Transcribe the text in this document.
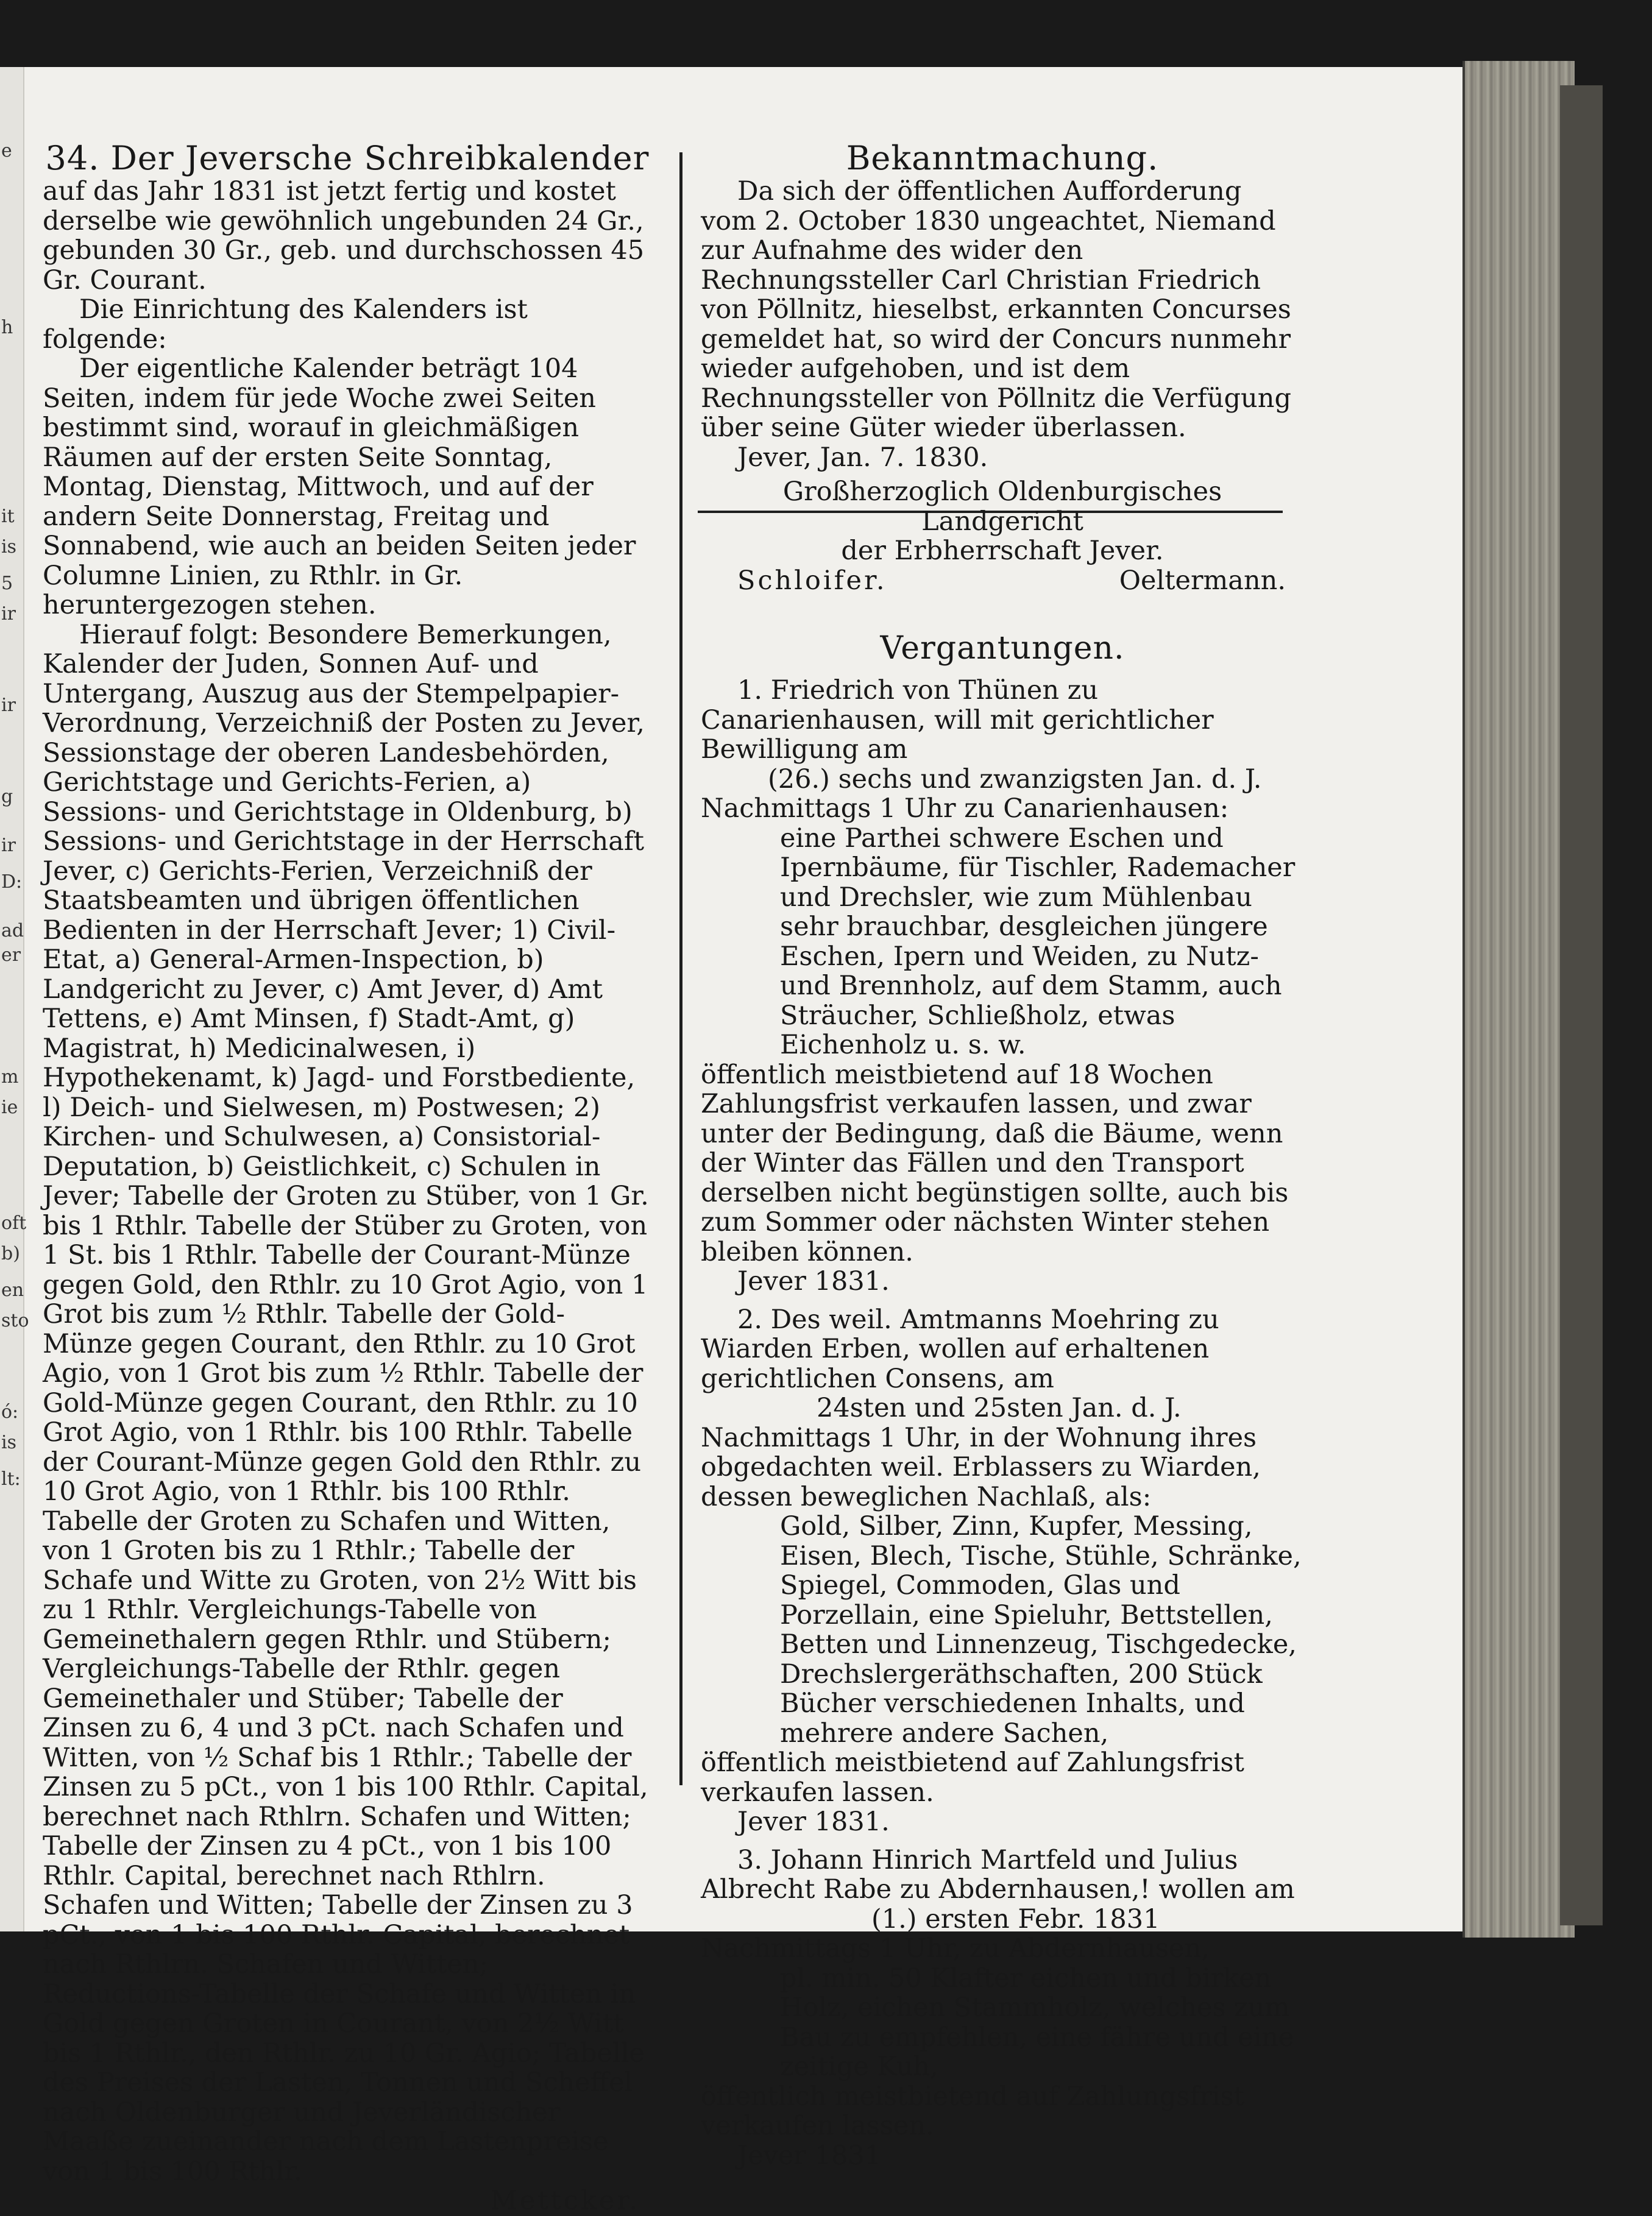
e
h
it
is
5
ir
ir
g
ir
D:
ad
er
m
ie
oft
b)
en
sto
ó:
is
lt:

34. Der Jeversche Schreibkalender

auf das Jahr 1831 ist jetzt fertig und kostet derselbe wie gewöhnlich ungebunden 24 Gr., gebunden 30 Gr., geb. und durchschossen 45 Gr. Courant.

Die Einrichtung des Kalenders ist folgende:

Der eigentliche Kalender beträgt 104 Seiten, indem für jede Woche zwei Seiten bestimmt sind, worauf in gleichmäßigen Räumen auf der ersten Seite Sonntag, Montag, Dienstag, Mittwoch, und auf der andern Seite Donnerstag, Freitag und Sonnabend, wie auch an beiden Seiten jeder Columne Linien, zu Rthlr. in Gr. heruntergezogen stehen.

Hierauf folgt: Besondere Bemerkungen, Kalender der Juden, Sonnen Auf- und Untergang, Auszug aus der Stempelpapier-Verordnung, Verzeichniß der Posten zu Jever, Sessionstage der oberen Landesbehörden, Gerichtstage und Gerichts-Ferien, a) Sessions- und Gerichtstage in Oldenburg, b) Sessions- und Gerichtstage in der Herrschaft Jever, c) Gerichts-Ferien, Verzeichniß der Staatsbeamten und übrigen öffentlichen Bedienten in der Herrschaft Jever; 1) Civil-Etat, a) General-Armen-Inspection, b) Landgericht zu Jever, c) Amt Jever, d) Amt Tettens, e) Amt Minsen, f) Stadt-Amt, g) Magistrat, h) Medicinalwesen, i) Hypothekenamt, k) Jagd- und Forstbediente, l) Deich- und Sielwesen, m) Postwesen; 2) Kirchen- und Schulwesen, a) Consistorial-Deputation, b) Geistlichkeit, c) Schulen in Jever; Tabelle der Groten zu Stüber, von 1 Gr. bis 1 Rthlr. Tabelle der Stüber zu Groten, von 1 St. bis 1 Rthlr. Tabelle der Courant-Münze gegen Gold, den Rthlr. zu 10 Grot Agio, von 1 Grot bis zum ½ Rthlr. Tabelle der Gold-Münze gegen Courant, den Rthlr. zu 10 Grot Agio, von 1 Grot bis zum ½ Rthlr. Tabelle der Gold-Münze gegen Courant, den Rthlr. zu 10 Grot Agio, von 1 Rthlr. bis 100 Rthlr. Tabelle der Courant-Münze gegen Gold den Rthlr. zu 10 Grot Agio, von 1 Rthlr. bis 100 Rthlr. Tabelle der Groten zu Schafen und Witten, von 1 Groten bis zu 1 Rthlr.; Tabelle der Schafe und Witte zu Groten, von 2½ Witt bis zu 1 Rthlr. Vergleichungs-Tabelle von Gemeinethalern gegen Rthlr. und Stübern; Vergleichungs-Tabelle der Rthlr. gegen Gemeinethaler und Stüber; Tabelle der Zinsen zu 6, 4 und 3 pCt. nach Schafen und Witten, von ½ Schaf bis 1 Rthlr.; Tabelle der Zinsen zu 5 pCt., von 1 bis 100 Rthlr. Capital, berechnet nach Rthlrn. Schafen und Witten; Tabelle der Zinsen zu 4 pCt., von 1 bis 100 Rthlr. Capital, berechnet nach Rthlrn. Schafen und Witten; Tabelle der Zinsen zu 3 pCt., von 1 bis 100 Rthlr. Capital, berechnet nach Rthlrn. Schafen und Witten; Reductions-Tabelle der Schafe und Witten in Gold gegen Groten in Courant, von 2½ Witt bis 1 Rthlr., den Rthlr. zu 10 Gr. Agio; Tabelle des Preises der Lasten, Tonnen und Scheffel nach Oldenburger und Jeverländischer Maaße zueinander nach dem Lastenpreise von 1 bis 100 Rthlr.

Mettcker.

Bekanntmachung.

Da sich der öffentlichen Aufforderung vom 2. October 1830 ungeachtet, Niemand zur Aufnahme des wider den Rechnungssteller Carl Christian Friedrich von Pöllnitz, hieselbst, erkannten Concurses gemeldet hat, so wird der Concurs nunmehr wieder aufgehoben, und ist dem Rechnungssteller von Pöllnitz die Verfügung über seine Güter wieder überlassen.

Jever, Jan. 7. 1830.

Großherzoglich Oldenburgisches Landgericht

der Erbherrschaft Jever.

Schloifer.	Oeltermann.

Vergantungen.

1. Friedrich von Thünen zu Canarienhausen, will mit gerichtlicher Bewilligung am

(26.) sechs und zwanzigsten Jan. d. J.

Nachmittags 1 Uhr zu Canarienhausen:

eine Parthei schwere Eschen und Ipernbäume, für Tischler, Rademacher und Drechsler, wie zum Mühlenbau sehr brauchbar, desgleichen jüngere Eschen, Ipern und Weiden, zu Nutz- und Brennholz, auf dem Stamm, auch Sträucher, Schließholz, etwas Eichenholz u. s. w.

öffentlich meistbietend auf 18 Wochen Zahlungsfrist verkaufen lassen, und zwar unter der Bedingung, daß die Bäume, wenn der Winter das Fällen und den Transport derselben nicht begünstigen sollte, auch bis zum Sommer oder nächsten Winter stehen bleiben können.

Jever 1831.

2. Des weil. Amtmanns Moehring zu Wiarden Erben, wollen auf erhaltenen gerichtlichen Consens, am

24sten und 25sten Jan. d. J.

Nachmittags 1 Uhr, in der Wohnung ihres obgedachten weil. Erblassers zu Wiarden, dessen beweglichen Nachlaß, als:

Gold, Silber, Zinn, Kupfer, Messing, Eisen, Blech, Tische, Stühle, Schränke, Spiegel, Commoden, Glas und Porzellain, eine Spieluhr, Bettstellen, Betten und Linnenzeug, Tischgedecke, Drechslergeräthschaften, 200 Stück Bücher verschiedenen Inhalts, und mehrere andere Sachen,

öffentlich meistbietend auf Zahlungsfrist verkaufen lassen.

Jever 1831.

3. Johann Hinrich Martfeld und Julius Albrecht Rabe zu Abdernhausen,! wollen am

(1.) ersten Febr. 1831

Nachmittags 1 Uhr, zu Abdernhausen,

pl. min. 50 Klafter eichen und birken Holz, eichen Stammholz, welches zum Bau zu empfehlen, eine fähre und eine zeitige Kuh,

öffentlich meistbietend auf Zahlungsfrist verkaufen lassen.

Jever 1831
